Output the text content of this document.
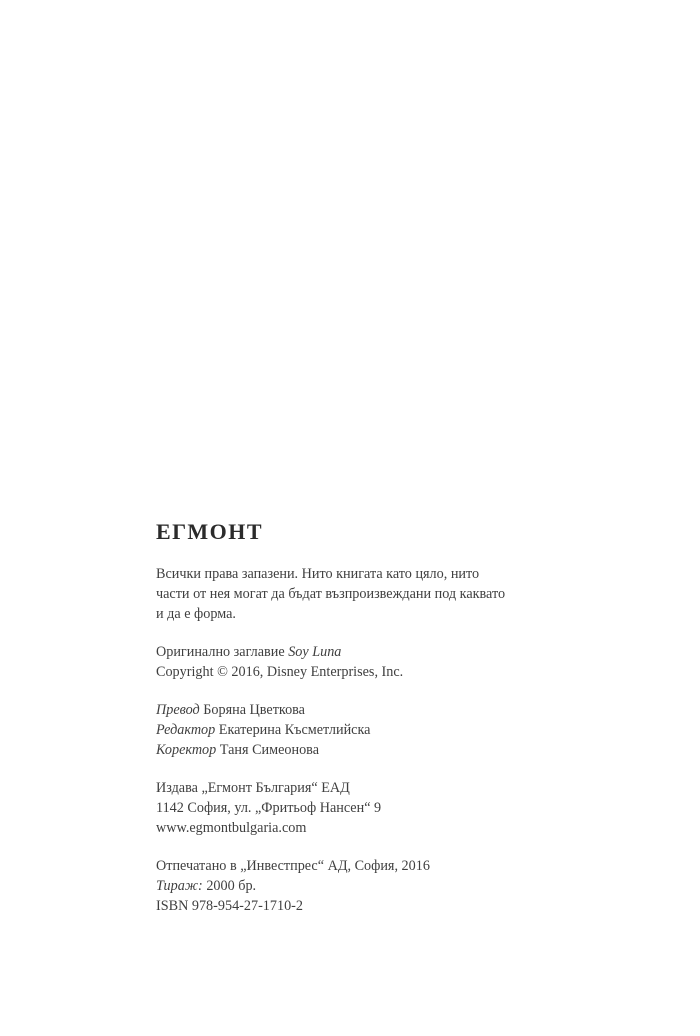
ЕГМОНТ
Всички права запазени. Нито книгата като цяло, нито
части от нея могат да бъдат възпроизвеждани под каквато
и да е форма.
Оригинално заглавие Soy Luna
Copyright © 2016, Disney Enterprises, Inc.
Превод Боряна Цветкова
Редактор Екатерина Късметлийска
Коректор Таня Симеонова
Издава „Егмонт България“ ЕАД
1142 София, ул. „Фритьоф Нансен“ 9
www.egmontbulgaria.com
Отпечатано в „Инвестпрес“ АД, София, 2016
Тираж: 2000 бр.
ISBN 978-954-27-1710-2
